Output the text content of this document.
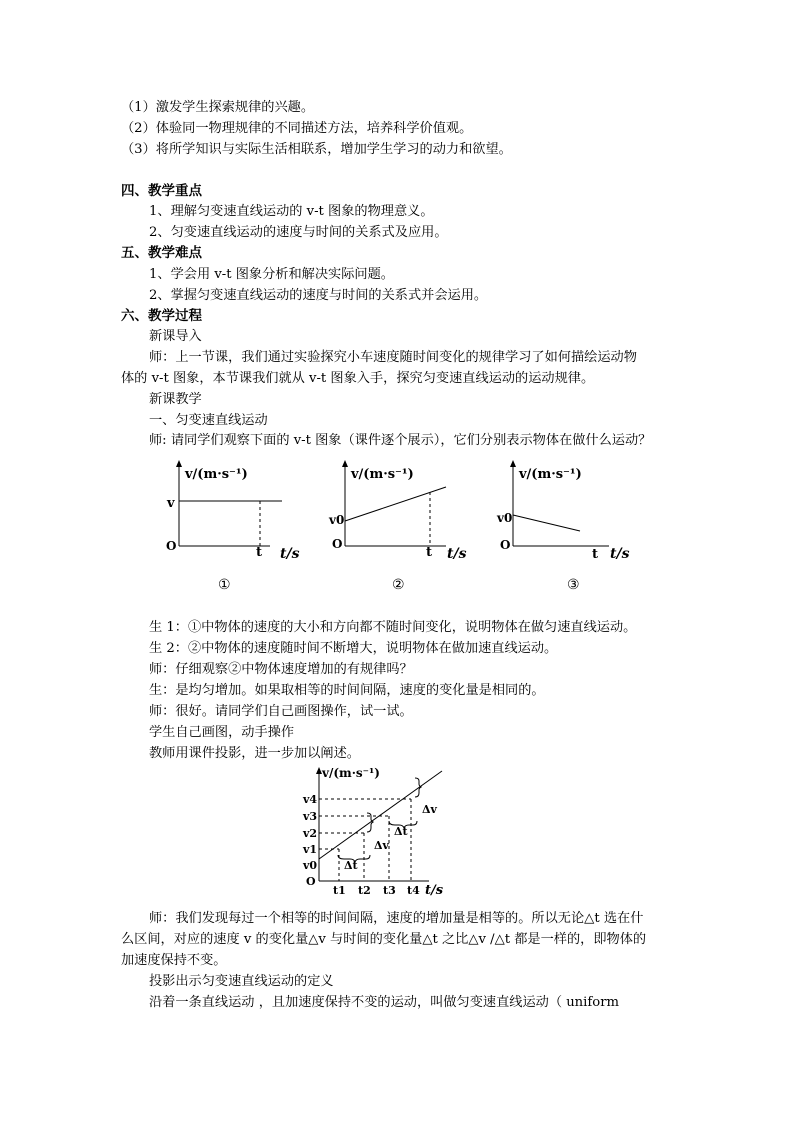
（1）激发学生探索规律的兴趣。
（2）体验同一物理规律的不同描述方法，培养科学价值观。
（3）将所学知识与实际生活相联系，增加学生学习的动力和欲望。
四、教学重点
1、理解匀变速直线运动的 v-t 图象的物理意义。
2、匀变速直线运动的速度与时间的关系式及应用。
五、教学难点
1、学会用 v-t 图象分析和解决实际问题。
2、掌握匀变速直线运动的速度与时间的关系式并会运用。
六、教学过程
新课导入
师：上一节课，我们通过实验探究小车速度随时间变化的规律学习了如何描绘运动物
体的 v-t 图象，本节课我们就从 v-t 图象入手，探究匀变速直线运动的运动规律。
新课教学
一、匀变速直线运动
师: 请同学们观察下面的 v-t 图象（课件逐个展示），它们分别表示物体在做什么运动？
v/(m·s⁻¹)
v
O	t t/s
①
v/(m·s⁻¹)
v0
O
t t/s
②
v/(m·s⁻¹)
v0
O
t t/s
③
生 1：①中物体的速度的大小和方向都不随时间变化，说明物体在做匀速直线运动。
生 2：②中物体的速度随时间不断增大，说明物体在做加速直线运动。
师：仔细观察②中物体速度增加的有规律吗？
生：是均匀增加。如果取相等的时间间隔，速度的变化量是相同的。
师：很好。请同学们自己画图操作，试一试。
学生自己画图，动手操作
教师用课件投影，进一步加以阐述。
v/(m·s⁻¹)
v4
v3
v2
v1
v0
O
t1 t2 t3 t4 t/s
Δt
Δv
Δt
Δv
师：我们发现每过一个相等的时间间隔，速度的增加量是相等的。所以无论△t 选在什
么区间，对应的速度 v 的变化量△v 与时间的变化量△t 之比△v /△t 都是一样的，即物体的
加速度保持不变。
投影出示匀变速直线运动的定义
沿着一条直线运动 ，且加速度保持不变的运动，叫做匀变速直线运动（ uniform
